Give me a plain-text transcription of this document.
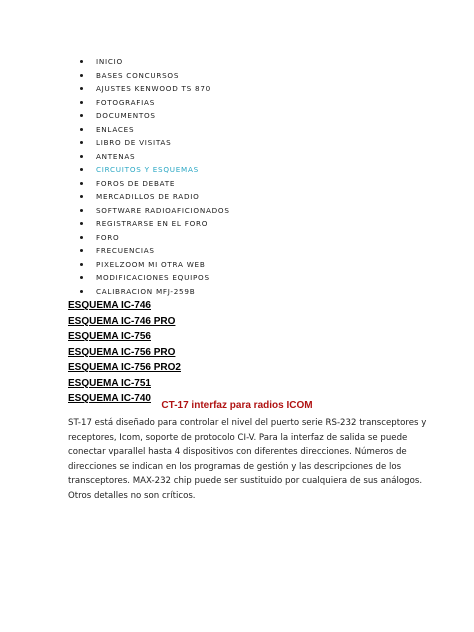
INICIO
BASES CONCURSOS
AJUSTES KENWOOD TS 870
FOTOGRAFIAS
DOCUMENTOS
ENLACES
LIBRO DE VISITAS
ANTENAS
CIRCUITOS Y ESQUEMAS
FOROS DE DEBATE
MERCADILLOS DE RADIO
SOFTWARE RADIOAFICIONADOS
REGISTRARSE EN EL FORO
FORO
FRECUENCIAS
PIXELZOOM MI OTRA WEB
MODIFICACIONES EQUIPOS
CALIBRACION MFJ-259B
ESQUEMA IC-746
ESQUEMA IC-746 PRO
ESQUEMA IC-756
ESQUEMA IC-756 PRO
ESQUEMA IC-756 PRO2
ESQUEMA IC-751
ESQUEMA IC-740
CT-17 interfaz para radios ICOM

ST-17 está diseñado para controlar el nivel del puerto serie RS-232 transceptores y
receptores, Icom, soporte de protocolo CI-V. Para la interfaz de salida se puede
conectar vparallel hasta 4 dispositivos con diferentes direcciones. Números de
direcciones se indican en los programas de gestión y las descripciones de los
transceptores. MAX-232 chip puede ser sustituido por cualquiera de sus análogos.
Otros detalles no son críticos.
